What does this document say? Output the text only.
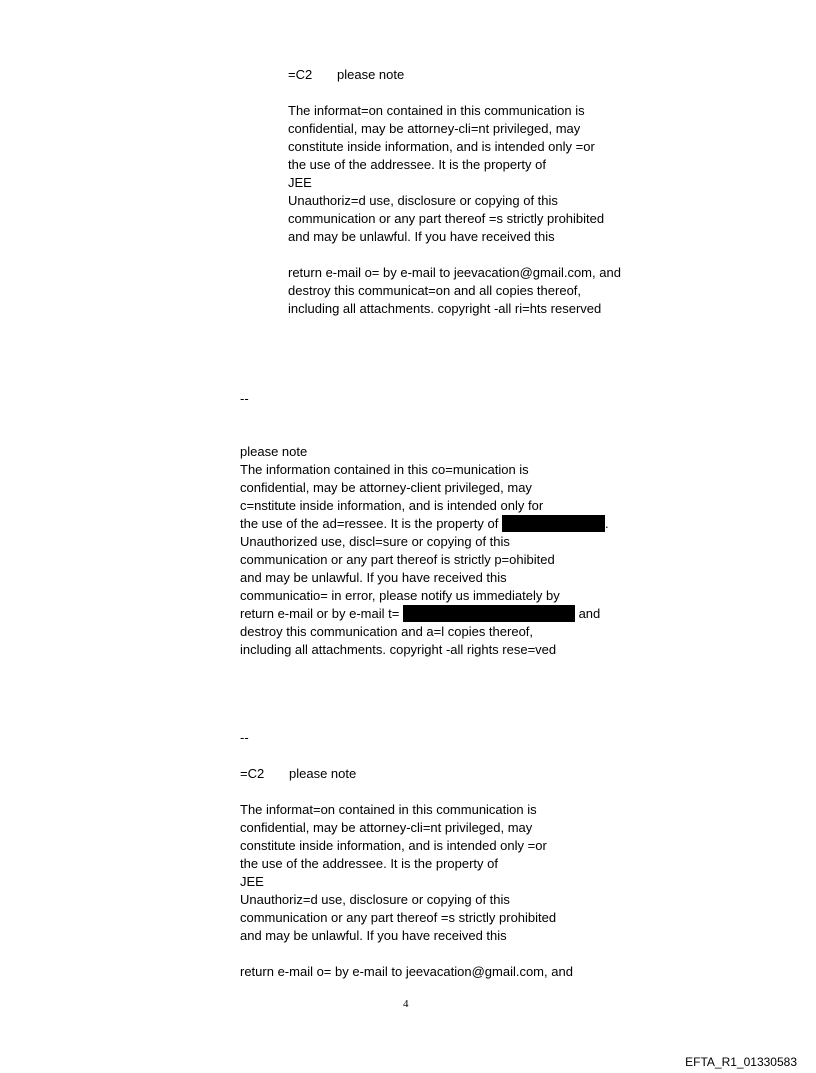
=C2 please note
The informat=on contained in this communication is
confidential, may be attorney-cli=nt privileged, may
constitute inside information, and is intended only =or
the use of the addressee. It is the property of
JEE
Unauthoriz=d use, disclosure or copying of this
communication or any part thereof =s strictly prohibited
and may be unlawful. If you have received this
return e-mail o= by e-mail to jeevacation@gmail.com, and
destroy this communicat=on and all copies thereof,
including all attachments. copyright -all ri=hts reserved
--
please note
The information contained in this co=munication is
confidential, may be attorney-client privileged, may
c=nstitute inside information, and is intended only for
the use of the ad=ressee. It is the property of	.
Unauthorized use, discl=sure or copying of this
communication or any part thereof is strictly p=ohibited
and may be unlawful. If you have received this
communicatio= in error, please notify us immediately by
return e-mail or by e-mail t=	and
destroy this communication and a=l copies thereof,
including all attachments. copyright -all rights rese=ved
--
=C2 please note
The informat=on contained in this communication is
confidential, may be attorney-cli=nt privileged, may
constitute inside information, and is intended only =or
the use of the addressee. It is the property of
JEE
Unauthoriz=d use, disclosure or copying of this
communication or any part thereof =s strictly prohibited
and may be unlawful. If you have received this
return e-mail o= by e-mail to jeevacation@gmail.com, and
4
EFTA_R1_01330583
